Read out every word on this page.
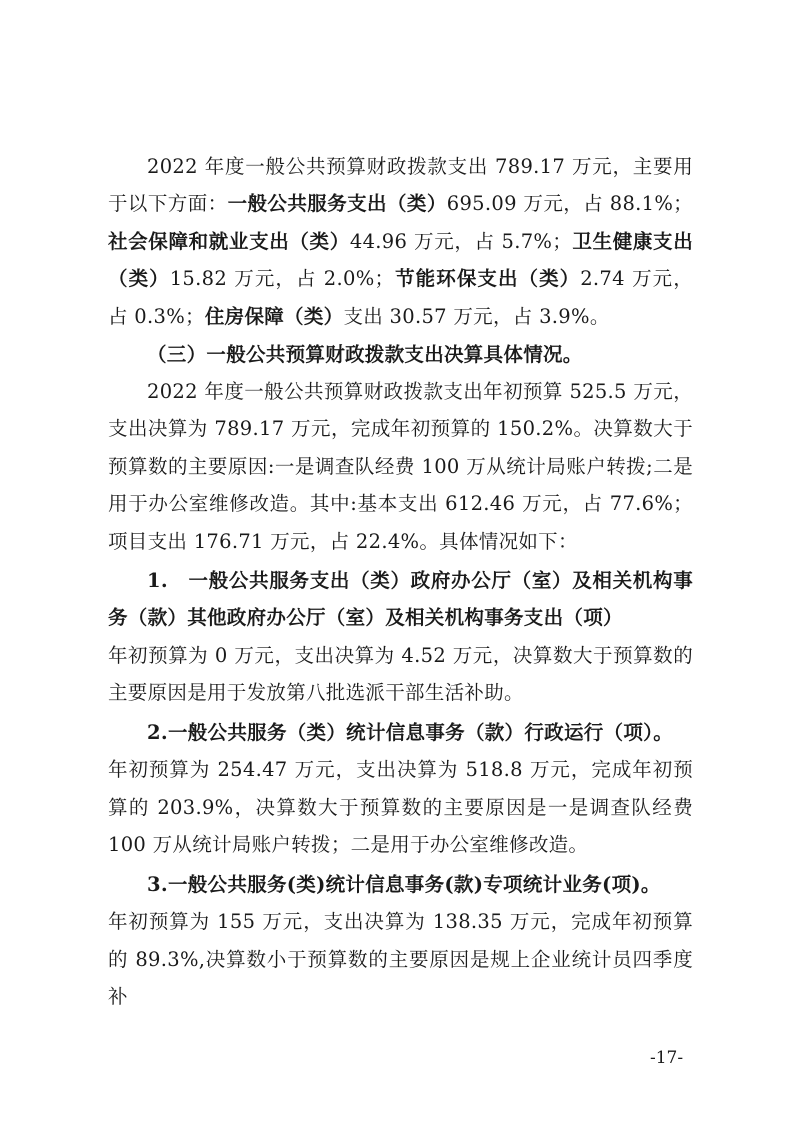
2022 年度一般公共预算财政拨款支出 789.17 万元，主要用于以下方面：一般公共服务支出（类）695.09 万元，占 88.1%；社会保障和就业支出（类）44.96 万元，占 5.7%；卫生健康支出（类）15.82 万元，占 2.0%；节能环保支出（类）2.74 万元，占 0.3%；住房保障（类）支出 30.57 万元，占 3.9%。
（三）一般公共预算财政拨款支出决算具体情况。
2022 年度一般公共预算财政拨款支出年初预算 525.5 万元，支出决算为 789.17 万元，完成年初预算的 150.2%。决算数大于预算数的主要原因:一是调查队经费 100 万从统计局账户转拨;二是用于办公室维修改造。其中:基本支出 612.46 万元，占 77.6%；项目支出 176.71 万元，占 22.4%。具体情况如下：
1.　一般公共服务支出（类）政府办公厅（室）及相关机构事务（款）其他政府办公厅（室）及相关机构事务支出（项）
年初预算为 0 万元，支出决算为 4.52 万元，决算数大于预算数的主要原因是用于发放第八批选派干部生活补助。
2.一般公共服务（类）统计信息事务（款）行政运行（项）。
年初预算为 254.47 万元，支出决算为 518.8 万元，完成年初预算的 203.9%，决算数大于预算数的主要原因是一是调查队经费 100 万从统计局账户转拨；二是用于办公室维修改造。
3.一般公共服务(类)统计信息事务(款)专项统计业务(项)。
年初预算为 155 万元，支出决算为 138.35 万元，完成年初预算的 89.3%,决算数小于预算数的主要原因是规上企业统计员四季度补
-17-
